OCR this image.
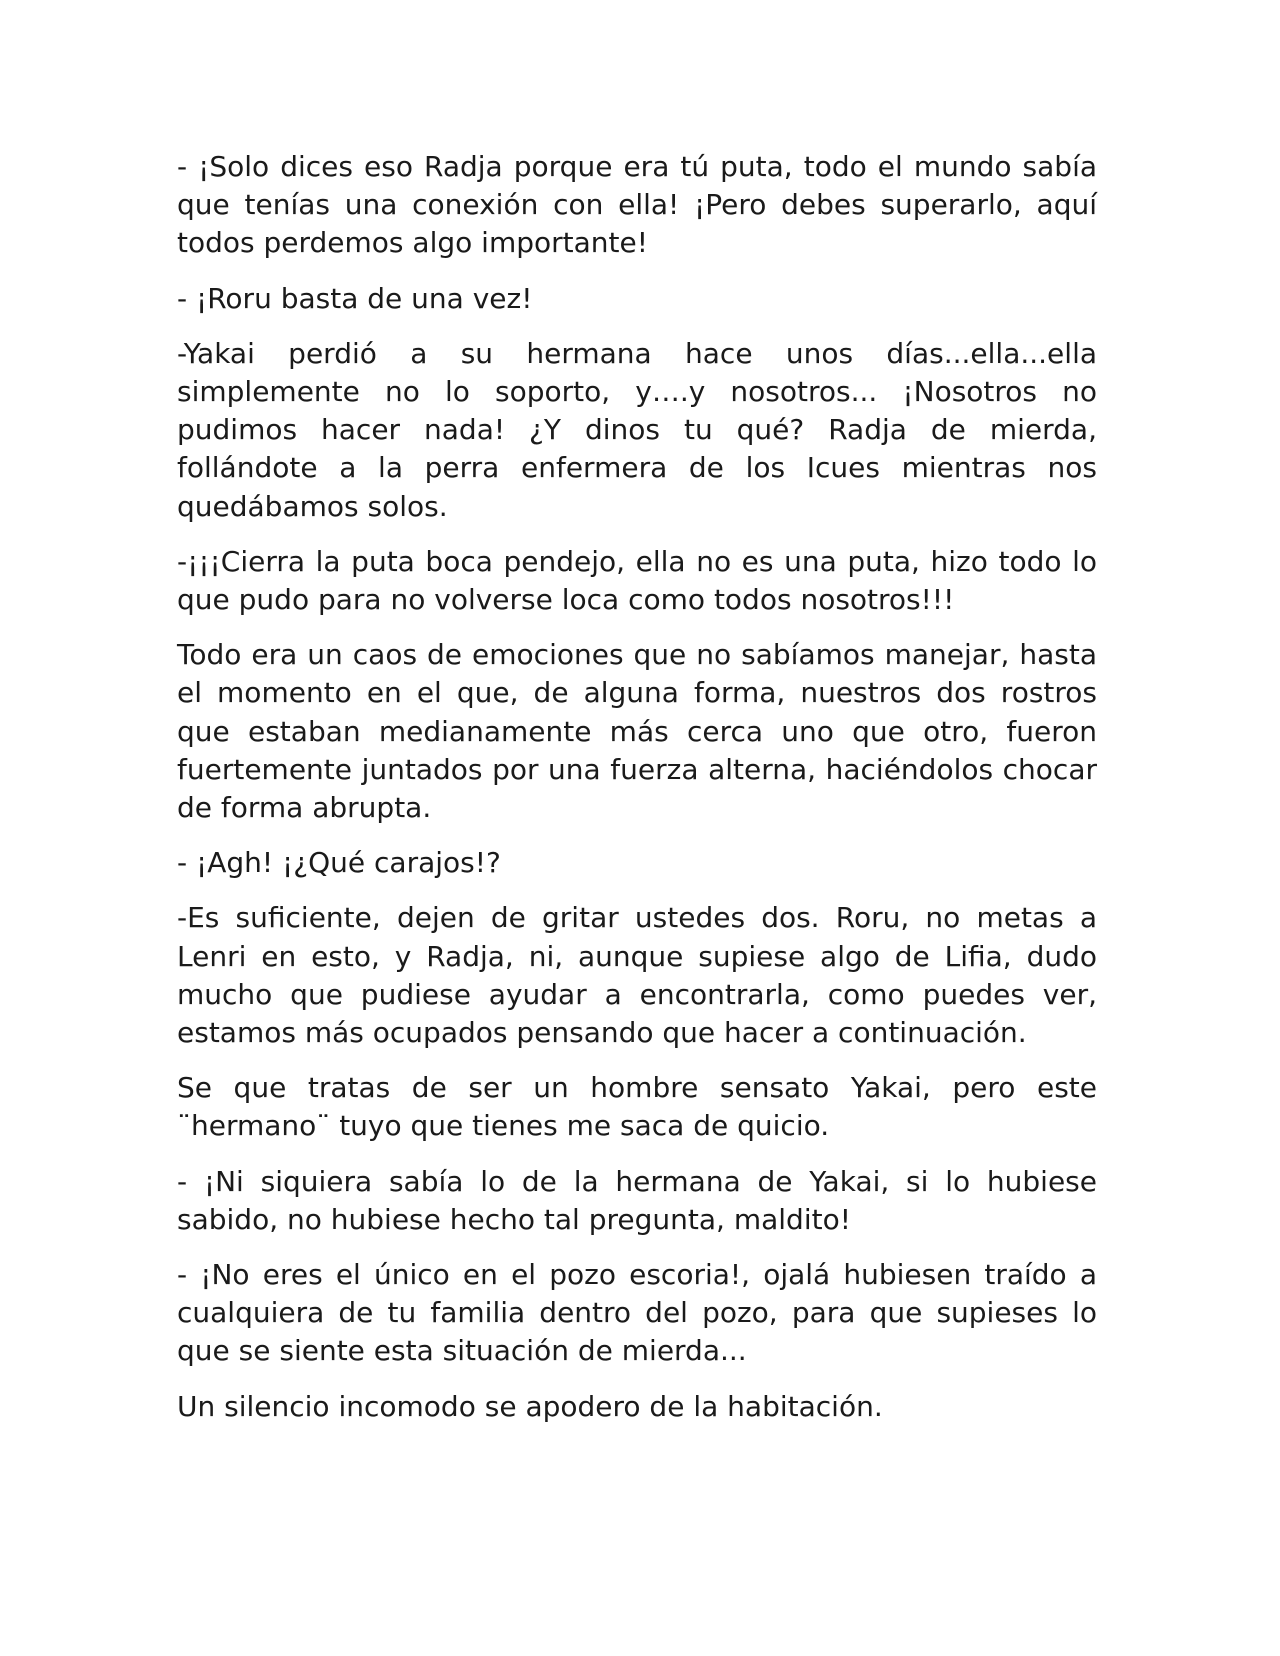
- ¡Solo dices eso Radja porque era tú puta, todo el mundo sabía que tenías una conexión con ella! ¡Pero debes superarlo, aquí todos perdemos algo importante!

- ¡Roru basta de una vez!

-Yakai perdió a su hermana hace unos días...ella...ella simplemente no lo soporto, y….y nosotros... ¡Nosotros no pudimos hacer nada! ¿Y dinos tu qué? Radja de mierda, follándote a la perra enfermera de los Icues mientras nos quedábamos solos.

-¡¡¡Cierra la puta boca pendejo, ella no es una puta, hizo todo lo que pudo para no volverse loca como todos nosotros!!!

Todo era un caos de emociones que no sabíamos manejar, hasta el momento en el que, de alguna forma, nuestros dos rostros que estaban medianamente más cerca uno que otro, fueron fuertemente juntados por una fuerza alterna, haciéndolos chocar de forma abrupta.

- ¡Agh! ¡¿Qué carajos!?

-Es suficiente, dejen de gritar ustedes dos. Roru, no metas a Lenri en esto, y Radja, ni, aunque supiese algo de Lifia, dudo mucho que pudiese ayudar a encontrarla, como puedes ver, estamos más ocupados pensando que hacer a continuación.

Se que tratas de ser un hombre sensato Yakai, pero este ¨hermano¨ tuyo que tienes me saca de quicio.

- ¡Ni siquiera sabía lo de la hermana de Yakai, si lo hubiese sabido, no hubiese hecho tal pregunta, maldito!

- ¡No eres el único en el pozo escoria!, ojalá hubiesen traído a cualquiera de tu familia dentro del pozo, para que supieses lo que se siente esta situación de mierda...

Un silencio incomodo se apodero de la habitación.
